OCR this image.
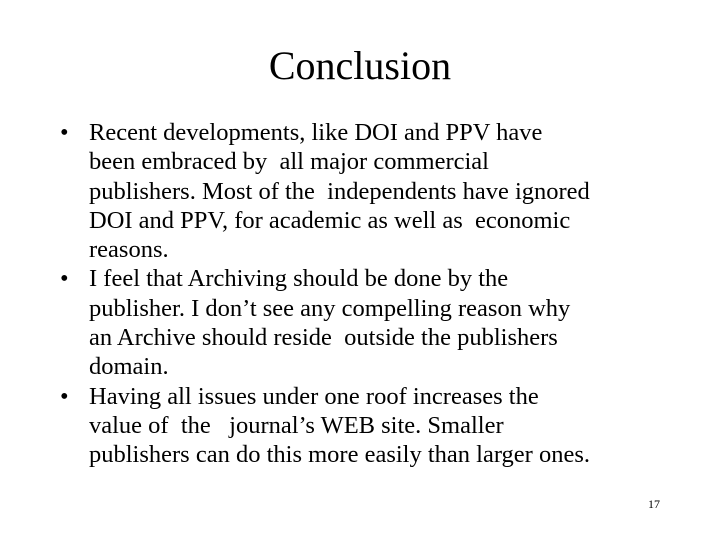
Conclusion
• Recent developments, like DOI and PPV have
been embraced by  all major commercial
publishers. Most of the  independents have ignored
DOI and PPV, for academic as well as  economic
reasons.
• I feel that Archiving should be done by the
publisher. I don’t see any compelling reason why
an Archive should reside  outside the publishers
domain.
• Having all issues under one roof increases the
value of  the   journal’s WEB site. Smaller
publishers can do this more easily than larger ones.
17
